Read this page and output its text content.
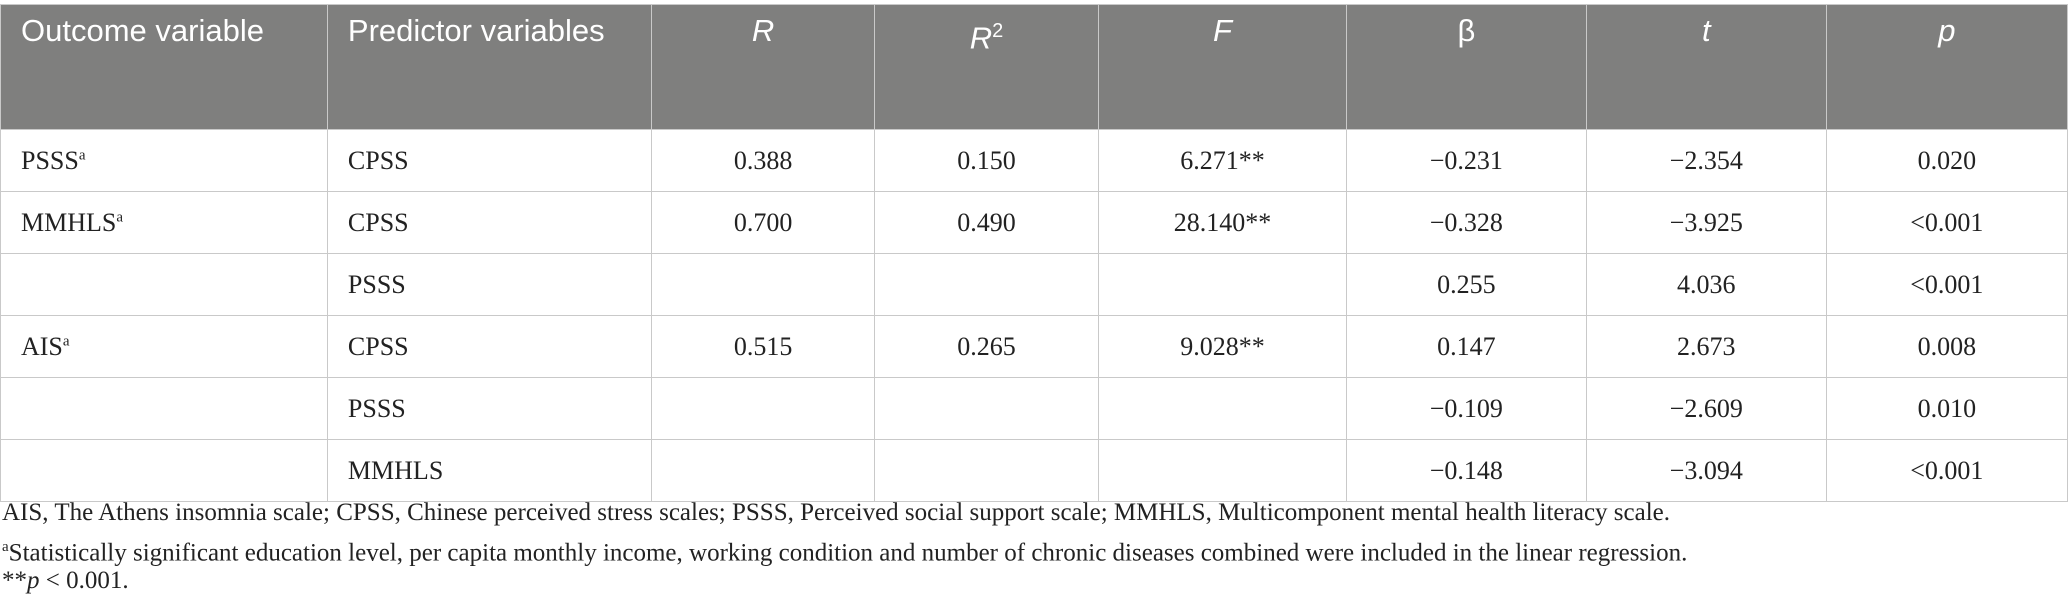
Outcome variable	Predictor variables	R	$R^2$	F	β	t	p
PSSS$^a$	CPSS	0.388	0.150	6.271**	−0.231	−2.354	0.020
MMHLS$^a$	CPSS	0.700	0.490	28.140**	−0.328	−3.925	<0.001
	PSSS				0.255	4.036	<0.001
AIS$^a$	CPSS	0.515	0.265	9.028**	0.147	2.673	0.008
	PSSS				−0.109	−2.609	0.010
	MMHLS				−0.148	−3.094	<0.001

AIS, The Athens insomnia scale; CPSS, Chinese perceived stress scales; PSSS, Perceived social support scale; MMHLS, Multicomponent mental health literacy scale.

$^a$Statistically significant education level, per capita monthly income, working condition and number of chronic diseases combined were included in the linear regression.

**p < 0.001.
